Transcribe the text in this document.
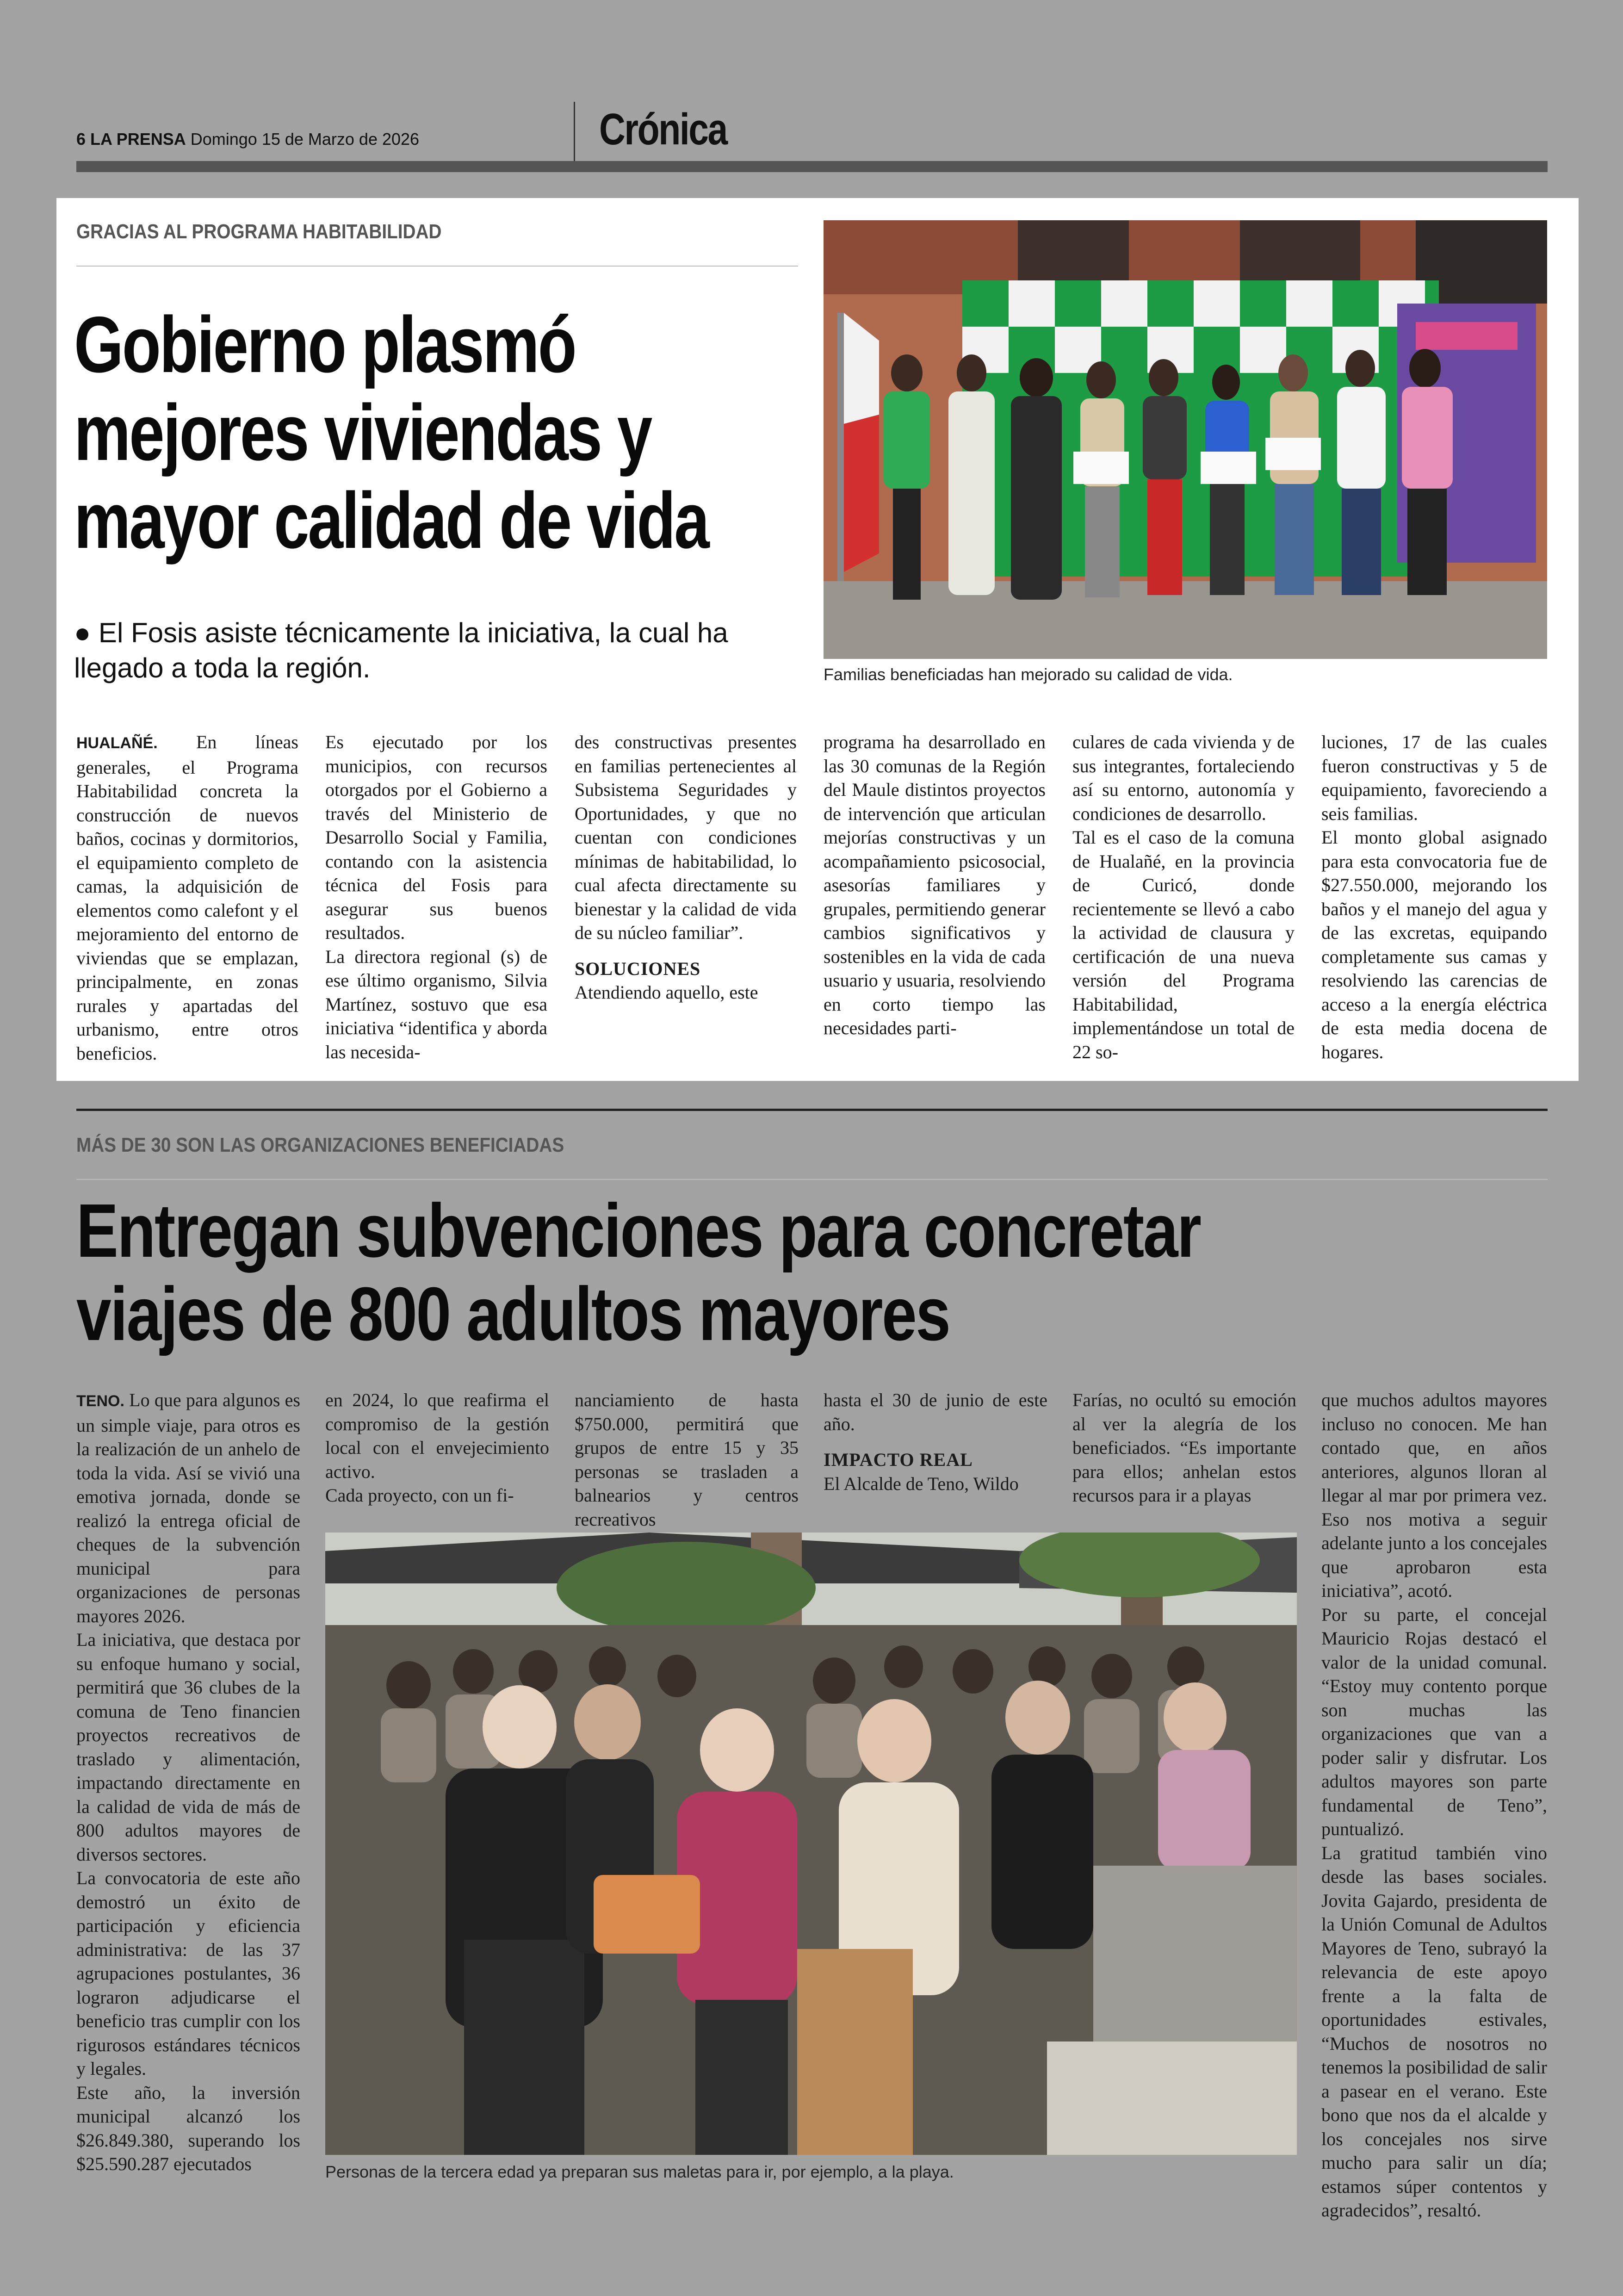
6 LA PRENSA Domingo 15 de Marzo de 2026	Crónica
GRACIAS AL PROGRAMA HABITABILIDAD
Gobierno plasmó
mejores viviendas y
mayor calidad de vida
● El Fosis asiste técnicamente la iniciativa, la cual ha llegado a toda la región.	Familias beneficiadas han mejorado su calidad de vida.

HUALAÑÉ. En líneas generales, el Programa Habitabilidad concreta la construcción de nuevos baños, cocinas y dormitorios, el equipamiento completo de camas, la adquisición de elementos como calefont y el mejoramiento del entorno de viviendas que se emplazan, principalmente, en zonas rurales y apartadas del urbanismo, entre otros beneficios.

Es ejecutado por los municipios, con recursos otorgados por el Gobierno a través del Ministerio de Desarrollo Social y Familia, contando con la asistencia técnica del Fosis para asegurar sus buenos resultados.

La directora regional (s) de ese último organismo, Silvia Martínez, sostuvo que esa iniciativa “identifica y aborda las necesida-

des constructivas presentes en familias pertenecientes al Subsistema Seguridades y Oportunidades, y que no cuentan con condiciones mínimas de habitabilidad, lo cual afecta directamente su bienestar y la calidad de vida de su núcleo familiar”.

SOLUCIONES

Atendiendo aquello, este

programa ha desarrollado en las 30 comunas de la Región del Maule distintos proyectos de intervención que articulan mejorías constructivas y un acompañamiento psicosocial, asesorías familiares y grupales, permitiendo generar cambios significativos y sostenibles en la vida de cada usuario y usuaria, resolviendo en corto tiempo las necesidades parti-

culares de cada vivienda y de sus integrantes, fortaleciendo así su entorno, autonomía y condiciones de desarrollo.

Tal es el caso de la comuna de Hualañé, en la provincia de Curicó, donde recientemente se llevó a cabo la actividad de clausura y certificación de una nueva versión del Programa Habitabilidad, implementándose un total de 22 so-

luciones, 17 de las cuales fueron constructivas y 5 de equipamiento, favoreciendo a seis familias.

El monto global asignado para esta convocatoria fue de $27.550.000, mejorando los baños y el manejo del agua y de las excretas, equipando completamente sus camas y resolviendo las carencias de acceso a la energía eléctrica de esta media docena de hogares.

MÁS DE 30 SON LAS ORGANIZACIONES BENEFICIADAS
Entregan subvenciones para concretar
viajes de 800 adultos mayores

TENO. Lo que para algunos es un simple viaje, para otros es la realización de un anhelo de toda la vida. Así se vivió una emotiva jornada, donde se realizó la entrega oficial de cheques de la subvención municipal para organizaciones de personas mayores 2026.

La iniciativa, que destaca por su enfoque humano y social, permitirá que 36 clubes de la comuna de Teno financien proyectos recreativos de traslado y alimentación, impactando directamente en la calidad de vida de más de 800 adultos mayores de diversos sectores.

La convocatoria de este año demostró un éxito de participación y eficiencia administrativa: de las 37 agrupaciones postulantes, 36 lograron adjudicarse el beneficio tras cumplir con los rigurosos estándares técnicos y legales.

Este año, la inversión municipal alcanzó los $26.849.380, superando los $25.590.287 ejecutados

en 2024, lo que reafirma el compromiso de la gestión local con el envejecimiento activo.

Cada proyecto, con un fi-

nanciamiento de hasta $750.000, permitirá que grupos de entre 15 y 35 personas se trasladen a balnearios y centros recreativos

hasta el 30 de junio de este año.

IMPACTO REAL

El Alcalde de Teno, Wildo

Farías, no ocultó su emoción al ver la alegría de los beneficiados. “Es importante para ellos; anhelan estos recursos para ir a playas

que muchos adultos mayores incluso no conocen. Me han contado que, en años anteriores, algunos lloran al llegar al mar por primera vez. Eso nos motiva a seguir adelante junto a los concejales que aprobaron esta iniciativa”, acotó.

Por su parte, el concejal Mauricio Rojas destacó el valor de la unidad comunal. “Estoy muy contento porque son muchas las organizaciones que van a poder salir y disfrutar. Los adultos mayores son parte fundamental de Teno”, puntualizó.

La gratitud también vino desde las bases sociales. Jovita Gajardo, presidenta de la Unión Comunal de Adultos Mayores de Teno, subrayó la relevancia de este apoyo frente a la falta de oportunidades estivales, “Muchos de nosotros no tenemos la posibilidad de salir a pasear en el verano. Este bono que nos da el alcalde y los concejales nos sirve mucho para salir un día; estamos súper contentos y agradecidos”, resaltó.

Personas de la tercera edad ya preparan sus maletas para ir, por ejemplo, a la playa.
